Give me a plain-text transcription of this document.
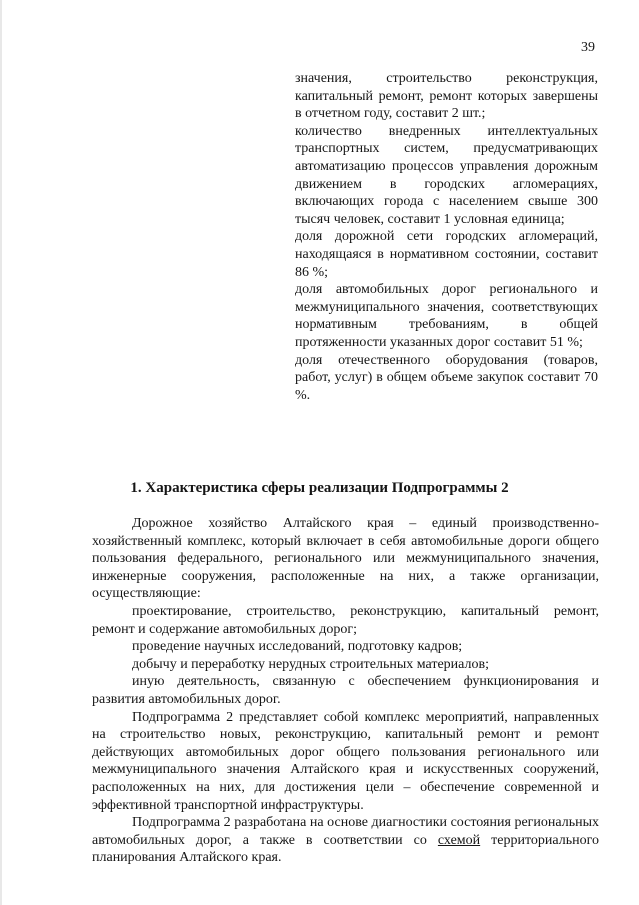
39

значения, строительство реконструкция, капитальный ремонт, ремонт которых завершены в отчетном году, составит 2 шт.;

количество внедренных интеллектуальных транспортных систем, предусматривающих автоматизацию процессов управления дорожным движением в городских агломерациях, включающих города с населением свыше 300 тысяч человек, составит 1 условная единица;

доля дорожной сети городских агломераций, находящаяся в нормативном состоянии, составит 86 %;

доля автомобильных дорог регионального и межмуниципального значения, соответствующих нормативным требованиям, в общей протяженности указанных дорог составит 51 %;

доля отечественного оборудования (товаров, работ, услуг) в общем объеме закупок составит 70 %.

1. Характеристика сферы реализации Подпрограммы 2

Дорожное хозяйство Алтайского края – единый производственно-хозяйственный комплекс, который включает в себя автомобильные дороги общего пользования федерального, регионального или межмуниципального значения, инженерные сооружения, расположенные на них, а также организации, осуществляющие:

проектирование, строительство, реконструкцию, капитальный ремонт, ремонт и содержание автомобильных дорог;

проведение научных исследований, подготовку кадров;

добычу и переработку нерудных строительных материалов;

иную деятельность, связанную с обеспечением функционирования и развития автомобильных дорог.

Подпрограмма 2 представляет собой комплекс мероприятий, направленных на строительство новых, реконструкцию, капитальный ремонт и ремонт действующих автомобильных дорог общего пользования регионального или межмуниципального значения Алтайского края и искусственных сооружений, расположенных на них, для достижения цели – обеспечение современной и эффективной транспортной инфраструктуры.

Подпрограмма 2 разработана на основе диагностики состояния региональных автомобильных дорог, а также в соответствии со схемой территориального планирования Алтайского края.
